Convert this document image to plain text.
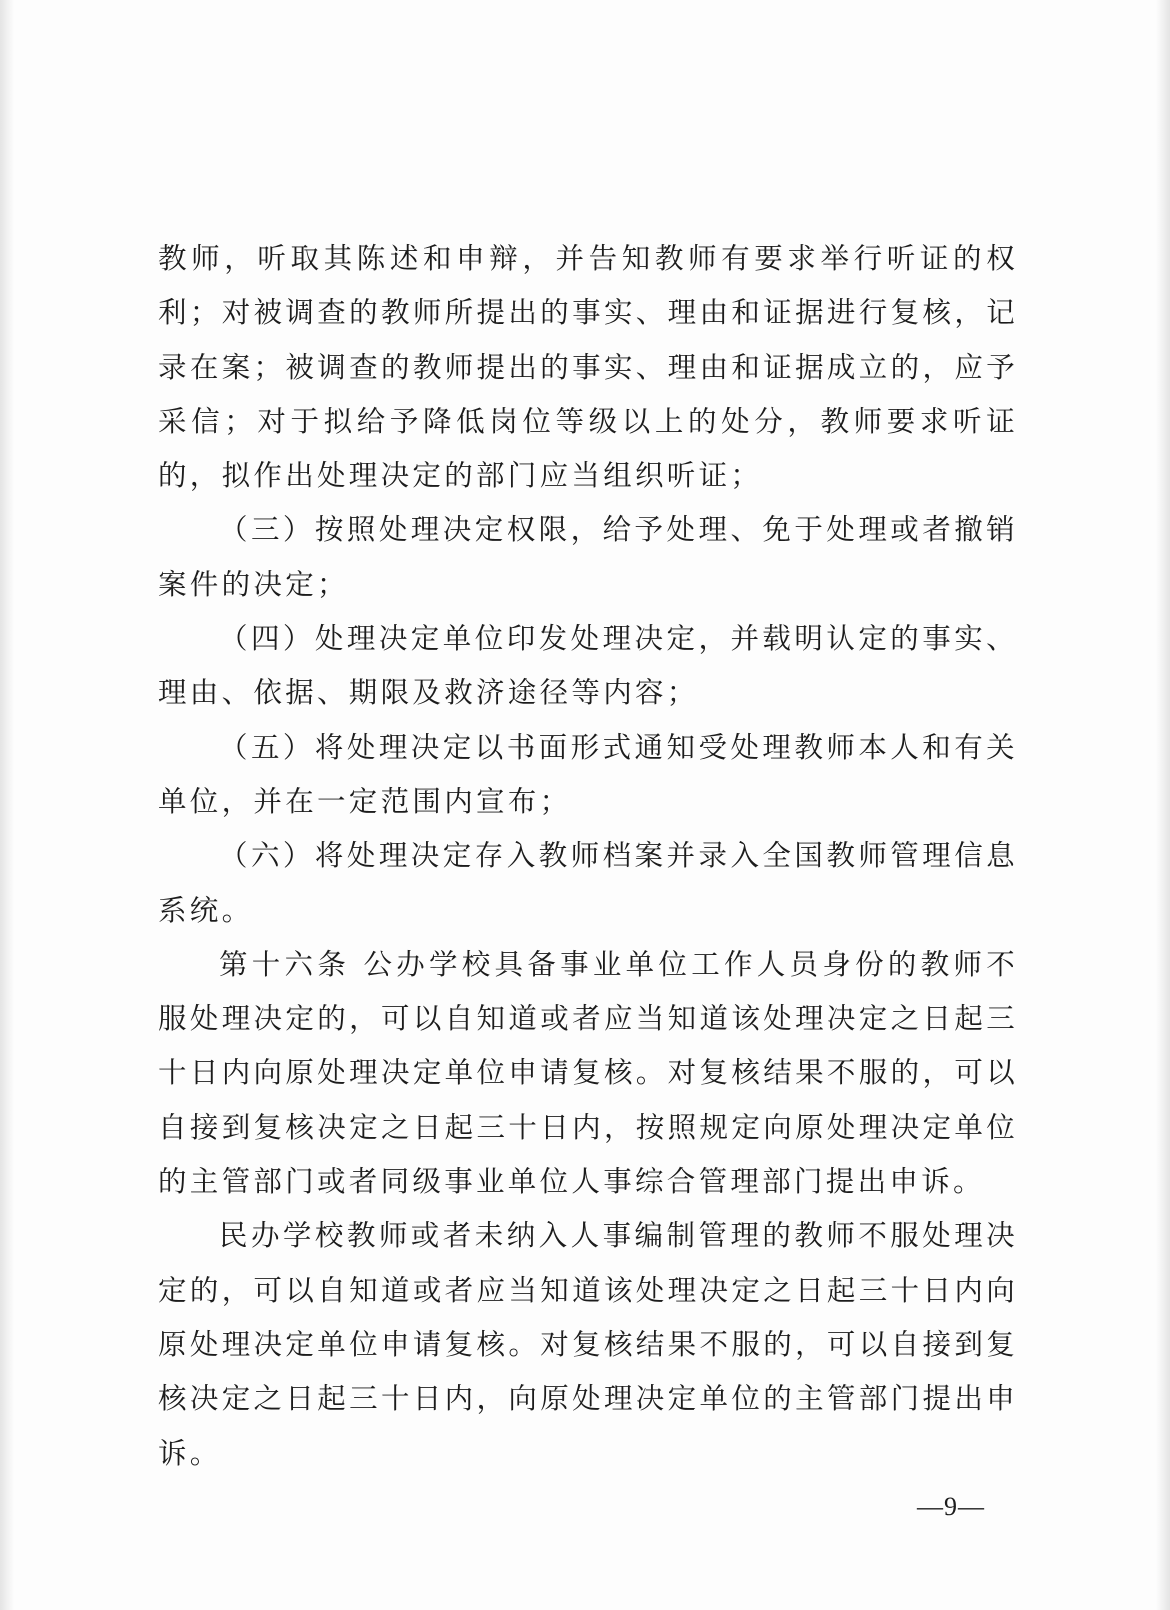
教师，听取其陈述和申辩，并告知教师有要求举行听证的权利；对被调查的教师所提出的事实、理由和证据进行复核，记录在案；被调查的教师提出的事实、理由和证据成立的，应予采信；对于拟给予降低岗位等级以上的处分，教师要求听证的，拟作出处理决定的部门应当组织听证；

（三）按照处理决定权限，给予处理、免于处理或者撤销案件的决定；

（四）处理决定单位印发处理决定，并载明认定的事实、理由、依据、期限及救济途径等内容；

（五）将处理决定以书面形式通知受处理教师本人和有关单位，并在一定范围内宣布；

（六）将处理决定存入教师档案并录入全国教师管理信息系统。

第十六条 公办学校具备事业单位工作人员身份的教师不服处理决定的，可以自知道或者应当知道该处理决定之日起三十日内向原处理决定单位申请复核。对复核结果不服的，可以自接到复核决定之日起三十日内，按照规定向原处理决定单位的主管部门或者同级事业单位人事综合管理部门提出申诉。

民办学校教师或者未纳入人事编制管理的教师不服处理决定的，可以自知道或者应当知道该处理决定之日起三十日内向原处理决定单位申请复核。对复核结果不服的，可以自接到复核决定之日起三十日内，向原处理决定单位的主管部门提出申诉。

—9—
